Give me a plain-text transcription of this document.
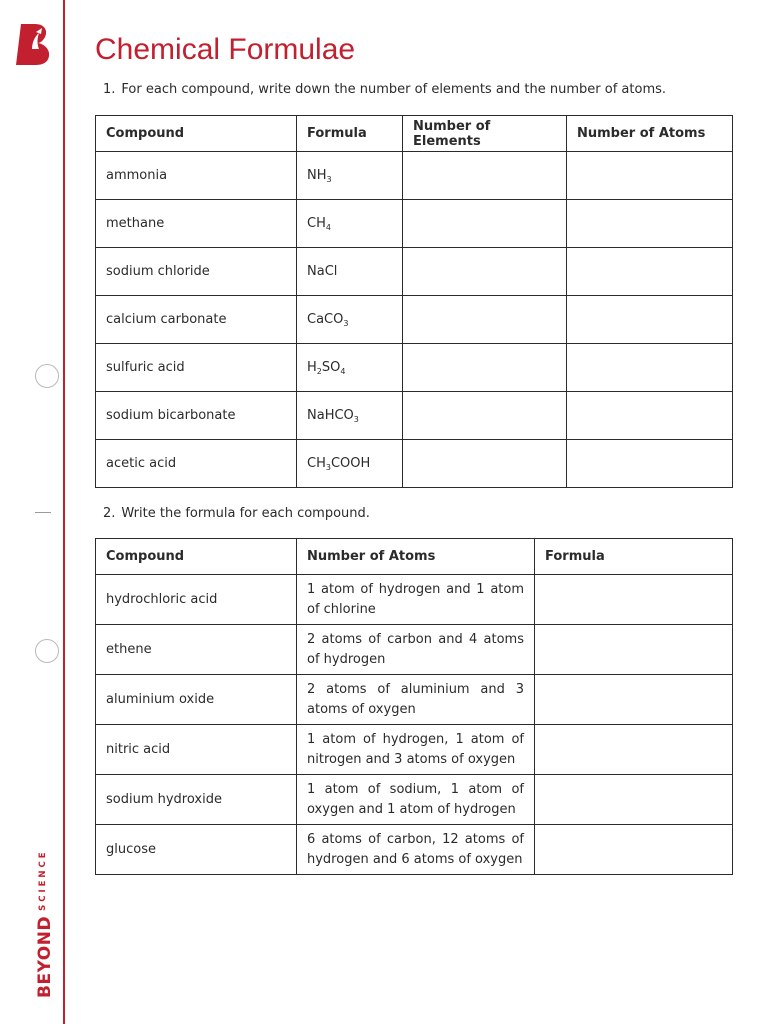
$BEYOND^{SCIENCE}$
Chemical Formulae
1. For each compound, write down the number of elements and the number of atoms.
Compound	Formula	Number of Elements	Number of Atoms
ammonia	$NH_3$		
methane	$CH_4$		
sodium chloride	NaCl		
calcium carbonate	CaCO$_3$		
sulfuric acid	$H_2SO_4$		
sodium bicarbonate	NaHCO$_3$		
acetic acid	$CH_3COOH$		
2. Write the formula for each compound.
Compound	Number of Atoms	Formula
hydrochloric acid	1 atom of hydrogen and 1 atom of chlorine	
ethene	2 atoms of carbon and 4 atoms of hydrogen	
aluminium oxide	2 atoms of aluminium and 3 atoms of oxygen	
nitric acid	1 atom of hydrogen, 1 atom of nitrogen and 3 atoms of oxygen	
sodium hydroxide	1 atom of sodium, 1 atom of oxygen and 1 atom of hydrogen	
glucose	6 atoms of carbon, 12 atoms of hydrogen and 6 atoms of oxygen	
